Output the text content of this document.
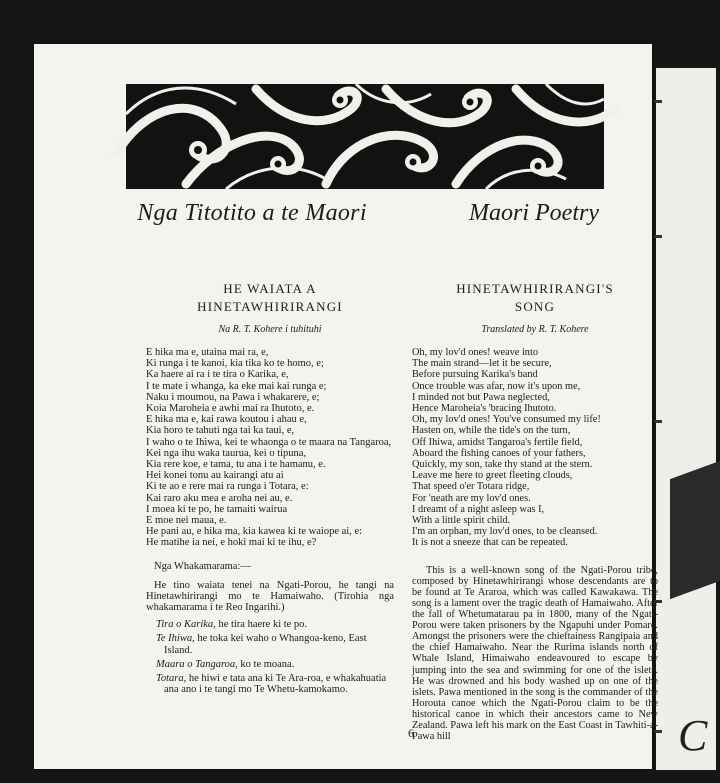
C
Nga Titotito a te Maori	Maori Poetry

HE WAIATA A

HINETAWHIRIRANGI

Na R. T. Kohere i tuhituhi

E hika ma e, utaina mai ra, e,
Ki runga i te kanoi, kia tika ko te homo, e;
Ka haere ai ra i te tira o Karika, e,
I te mate i whanga, ka eke mai kai runga e;
Naku i moumou, na Pawa i whakarere, e;
Koia Maroheia e awhi mai ra Ihutoto, e.
E hika ma e, kai rawa koutou i ahau e,
Kia horo te tahuti nga tai ka taui, e,
I waho o te Ihiwa, kei te whaonga o te maara na Tangaroa,
Kei nga ihu waka taurua, kei o tipuna,
Kia rere koe, e tama, tu ana i te hamanu, e.
Hei konei tonu au kairangi atu ai
Ki te ao e rere mai ra runga i Totara, e:
Kai raro aku mea e aroha nei au, e.
I moea ki te po, he tamaiti wairua
E moe nei mauа, e.
He pani au, e hika ma, kia kawea ki te waiope ai, e:
He matihe ia nei, e hoki mai ki te ihu, e?

Nga Whakamarama:—

He tino waiata tenei na Ngati-Porou, he tangi na Hinetawhirirangi mo te Hamaiwaho. (Tirohia nga whakamarama i te Reo Ingarihi.)

Tira o Karika, he tira haere ki te po.

Te Ihiwa, he toka kei waho o Whangoa-keno, East Island.

Maara o Tangaroa, ko te moana.

Totara, he hiwi e tata ana ki Te Ara-roa, e whakahuatia ana ano i te tangi mo Te Whetu-kamokamo.

HINETAWHIRIRANGI'S

SONG

Translated by R. T. Kohere

Oh, my lov'd ones! weave into
The main strand—let it be secure,
Before pursuing Karika's band
Once trouble was afar, now it's upon me,
I minded not but Pawa neglected,
Hence Maroheia's 'bracing Ihutoto.
Oh, my lov'd ones! You've consumed my life!
Hasten on, while the tide's on the turn,
Off Ihiwa, amidst Tangaroa's fertile field,
Aboard the fishing canoes of your fathers,
Quickly, my son, take thy stand at the stern.
Leave me here to greet fleeting clouds,
That speed o'er Totara ridge,
For 'neath are my lov'd ones.
I dreamt of a night asleep was I,
With a little spirit child.
I'm an orphan, my lov'd ones, to be cleansed.
It is not a sneeze that can be repeated.

This is a well-known song of the Ngati-Porou tribe, composed by Hinetawhirirangi whose descendants are to be found at Te Araroa, which was called Kawakawa. The song is a lament over the tragic death of Hamaiwaho. After the fall of Whetumatarau pa in 1800, many of the Ngati-Porou were taken prisoners by the Ngapuhi under Pomare. Amongst the prisoners were the chieftainess Rangipaia and the chief Hamaiwaho. Near the Rurima islands north of Whale Island, Himaiwaho endeavoured to escape by jumping into the sea and swimming for one of the islets. He was drowned and his body washed up on one of the islets. Pawa mentioned in the song is the commander of the Horouta canoe which the Ngati-Porou claim to be the historical canoe in which their ancestors came to New Zealand. Pawa left his mark on the East Coast in Tawhiti-a-Pawa hill

6
